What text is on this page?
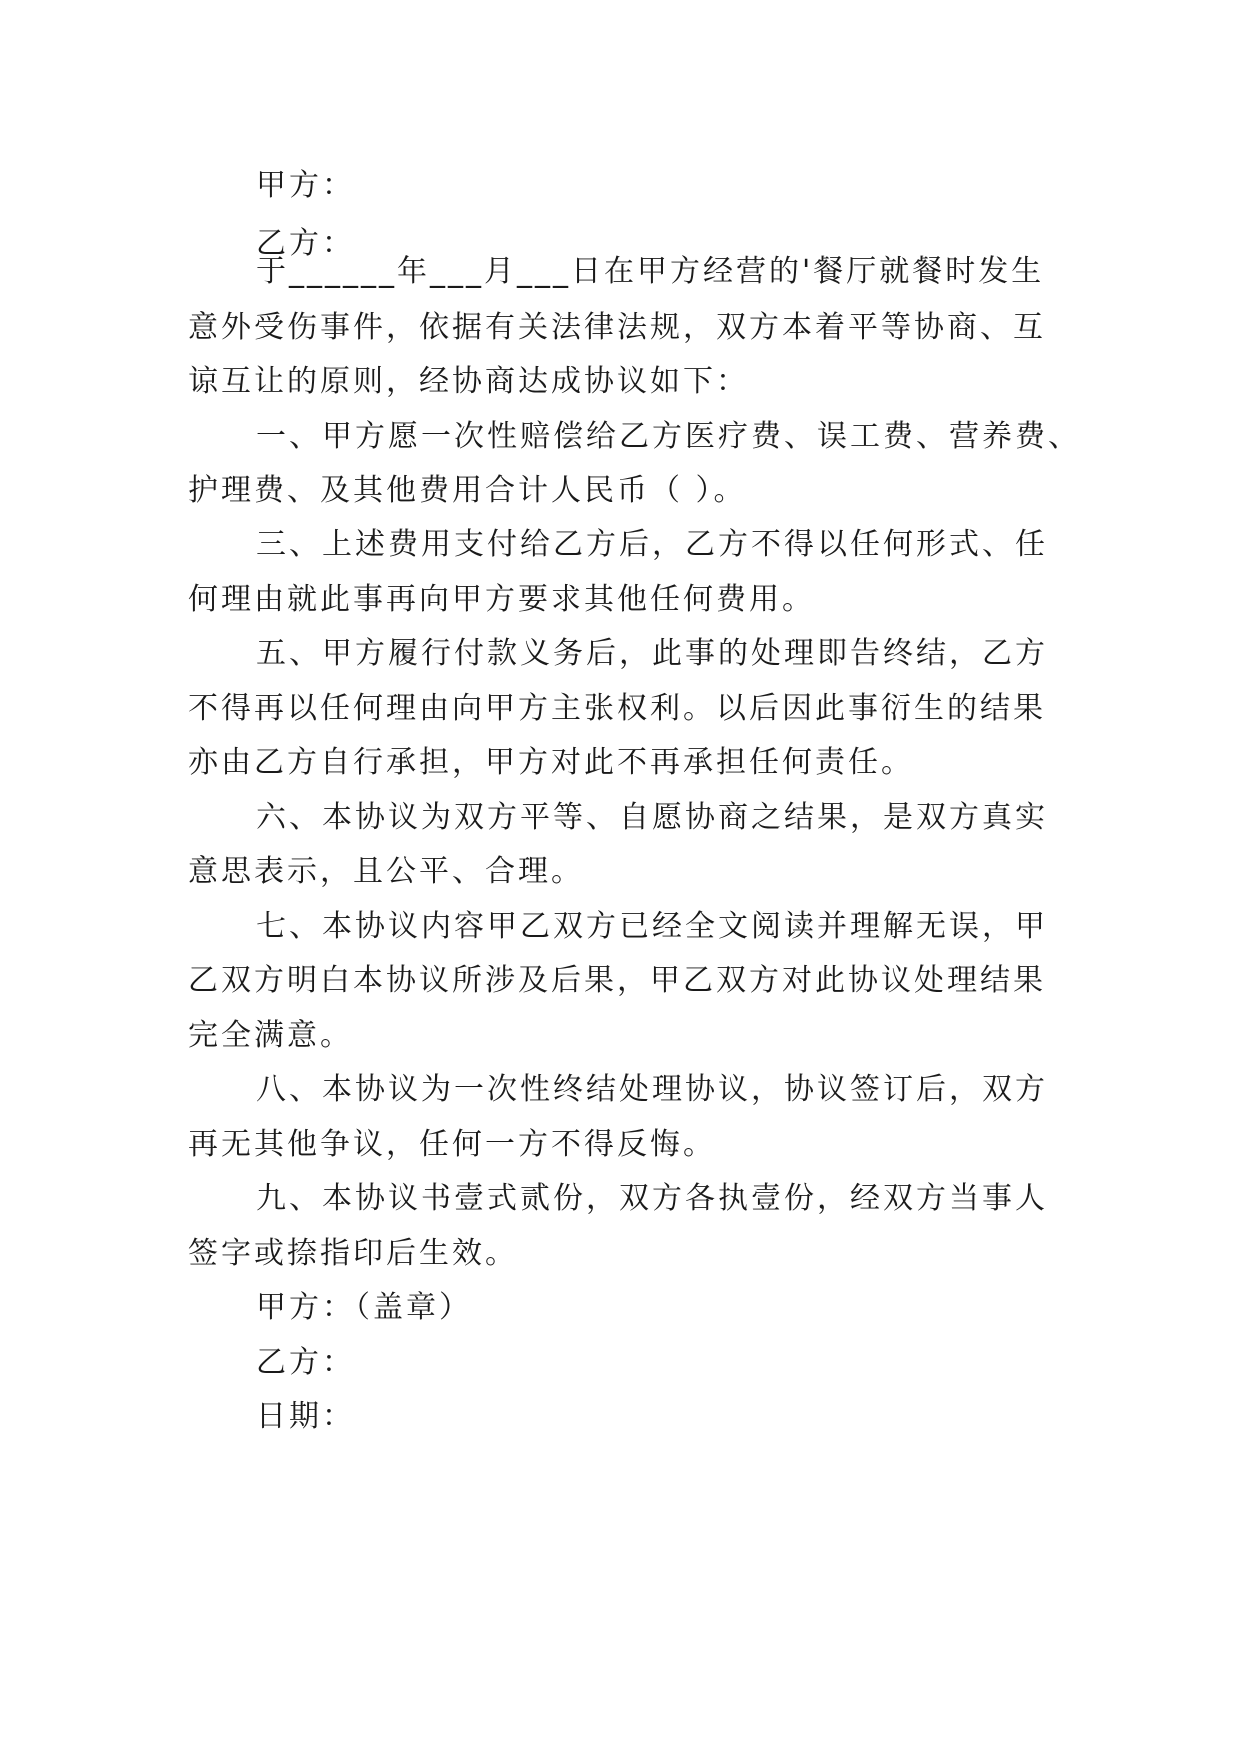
甲方：
乙方：
于______年___月___日在甲方经营的'餐厅就餐时发生
意外受伤事件，依据有关法律法规，双方本着平等协商、互
谅互让的原则，经协商达成协议如下：
一、甲方愿一次性赔偿给乙方医疗费、误工费、营养费、
护理费、及其他费用合计人民币（ ）。
三、上述费用支付给乙方后，乙方不得以任何形式、任
何理由就此事再向甲方要求其他任何费用。
五、甲方履行付款义务后，此事的处理即告终结，乙方
不得再以任何理由向甲方主张权利。以后因此事衍生的结果
亦由乙方自行承担，甲方对此不再承担任何责任。
六、本协议为双方平等、自愿协商之结果，是双方真实
意思表示，且公平、合理。
七、本协议内容甲乙双方已经全文阅读并理解无误，甲
乙双方明白本协议所涉及后果，甲乙双方对此协议处理结果
完全满意。
八、本协议为一次性终结处理协议，协议签订后，双方
再无其他争议，任何一方不得反悔。
九、本协议书壹式贰份，双方各执壹份，经双方当事人
签字或捺指印后生效。
甲方：（盖章）
乙方：
日期：
